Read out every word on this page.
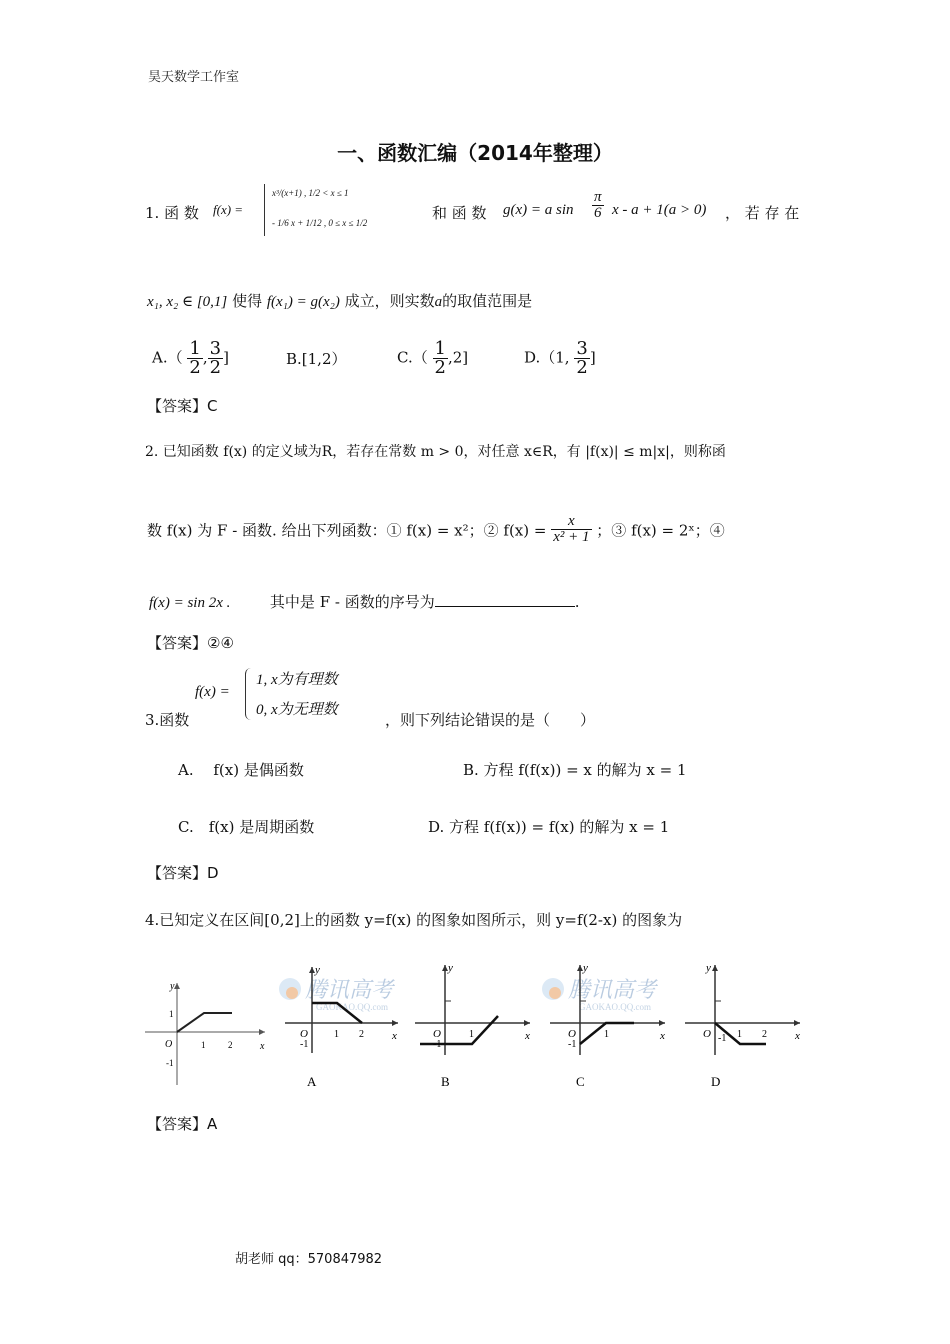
昊天数学工作室
一、函数汇编（2014年整理）
1. 函 数 f(x) =
x³/(x+1) , 1/2 < x ≤ 1
- 1/6 x + 1/12 , 0 ≤ x ≤ 1/2
和 函 数 g(x) = a $\sin \frac{\pi}{6}$ x - a + 1(a > 0) ， 若 存 在
x₁, x₂ ∈ [0,1] 使得 f(x₁) = g(x₂) 成立，则实数a的取值范围是
$A.( \frac{1}{2}$ , $\frac{3}{2}$ ]	B.[1,2）	$C.( \frac{1}{2} ,2]$	D.（1, $\frac{3}{2}$ ]
【答案】C
2. 已知函数 f(x) 的定义域为R，若存在常数 m > 0，对任意 x∈R，有 |f(x)| ≤ m|x|，则称函
数 f(x) 为 F - 函数. 给出下列函数：① f(x) = x²；② $f(x) = \frac{x}{\text{x² + 1}}$ ；③ f(x) = 2ˣ；④
f(x) = sin 2x .	其中是 F - 函数的序号为	.
【答案】②④
3.函数
f(x) =
1, x为有理数
0, x为无理数
，则下列结论错误的是（　　）
A.　 f(x) 是偶函数	B. 方程 f(f(x)) = x 的解为 x = 1
C.　f(x) 是周期函数	D. 方程 f(f(x)) = f(x) 的解为 x = 1
【答案】D
4.已知定义在区间[0,2]上的函数 y=f(x) 的图象如图所示，则 y=f(2-x) 的图象为
x
y
O	1	2
1
-1
腾讯高考
GAOKAO.QQ.com
腾讯高考
GAOKAO.QQ.com
x
y
O	1 2
-1
A
x
y
O	1
-1
B
x
y
O	1
-1
C
x
y
O	1 2
-1
D
【答案】A
胡老师 qq：570847982
